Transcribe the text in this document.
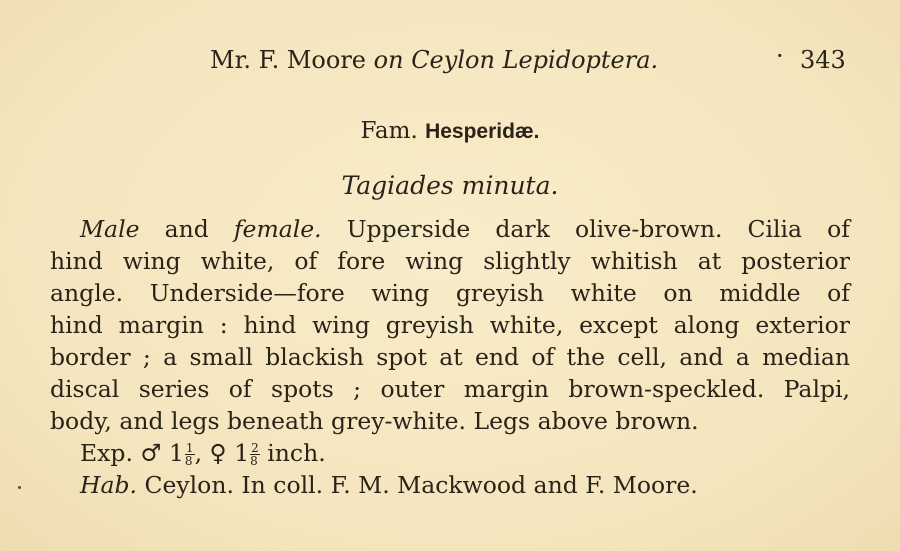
Mr. F. Moore on Ceylon Lepidoptera.	· 343
Fam. Hesperidæ.
Tagiades minuta.
Male and female. Upperside dark olive-brown. Cilia of
hind wing white, of fore wing slightly whitish at posterior
angle. Underside—fore wing greyish white on middle of
hind margin : hind wing greyish white, except along exterior
border ; a small blackish spot at end of the cell, and a median
discal series of spots ; outer margin brown-speckled. Palpi,
body, and legs beneath grey-white. Legs above brown.
Exp. ♂ $1 \frac{1}{8}$ , ♀ $1 \frac{2}{8}$ inch.
Hab. Ceylon. In coll. F. M. Mackwood and F. Moore.
